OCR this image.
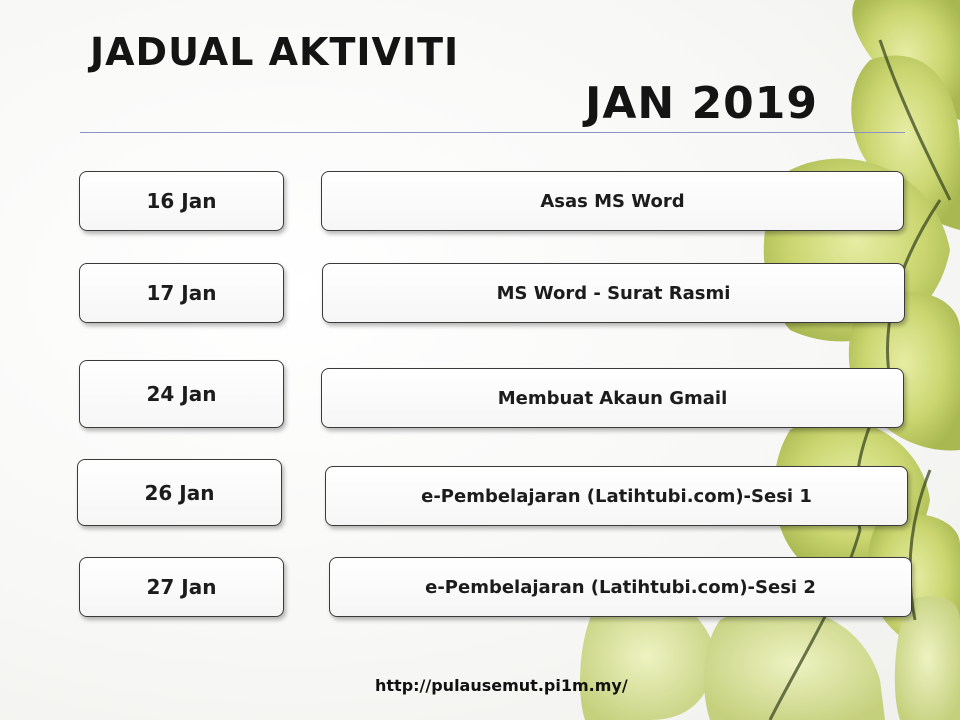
JADUAL AKTIVITI
JAN 2019
16 Jan	Asas MS Word
17 Jan	MS Word - Surat Rasmi
24 Jan	Membuat Akaun Gmail
26 Jan	e-Pembelajaran (Latihtubi.com)-Sesi 1
27 Jan	e-Pembelajaran (Latihtubi.com)-Sesi 2
http://pulausemut.pi1m.my/
